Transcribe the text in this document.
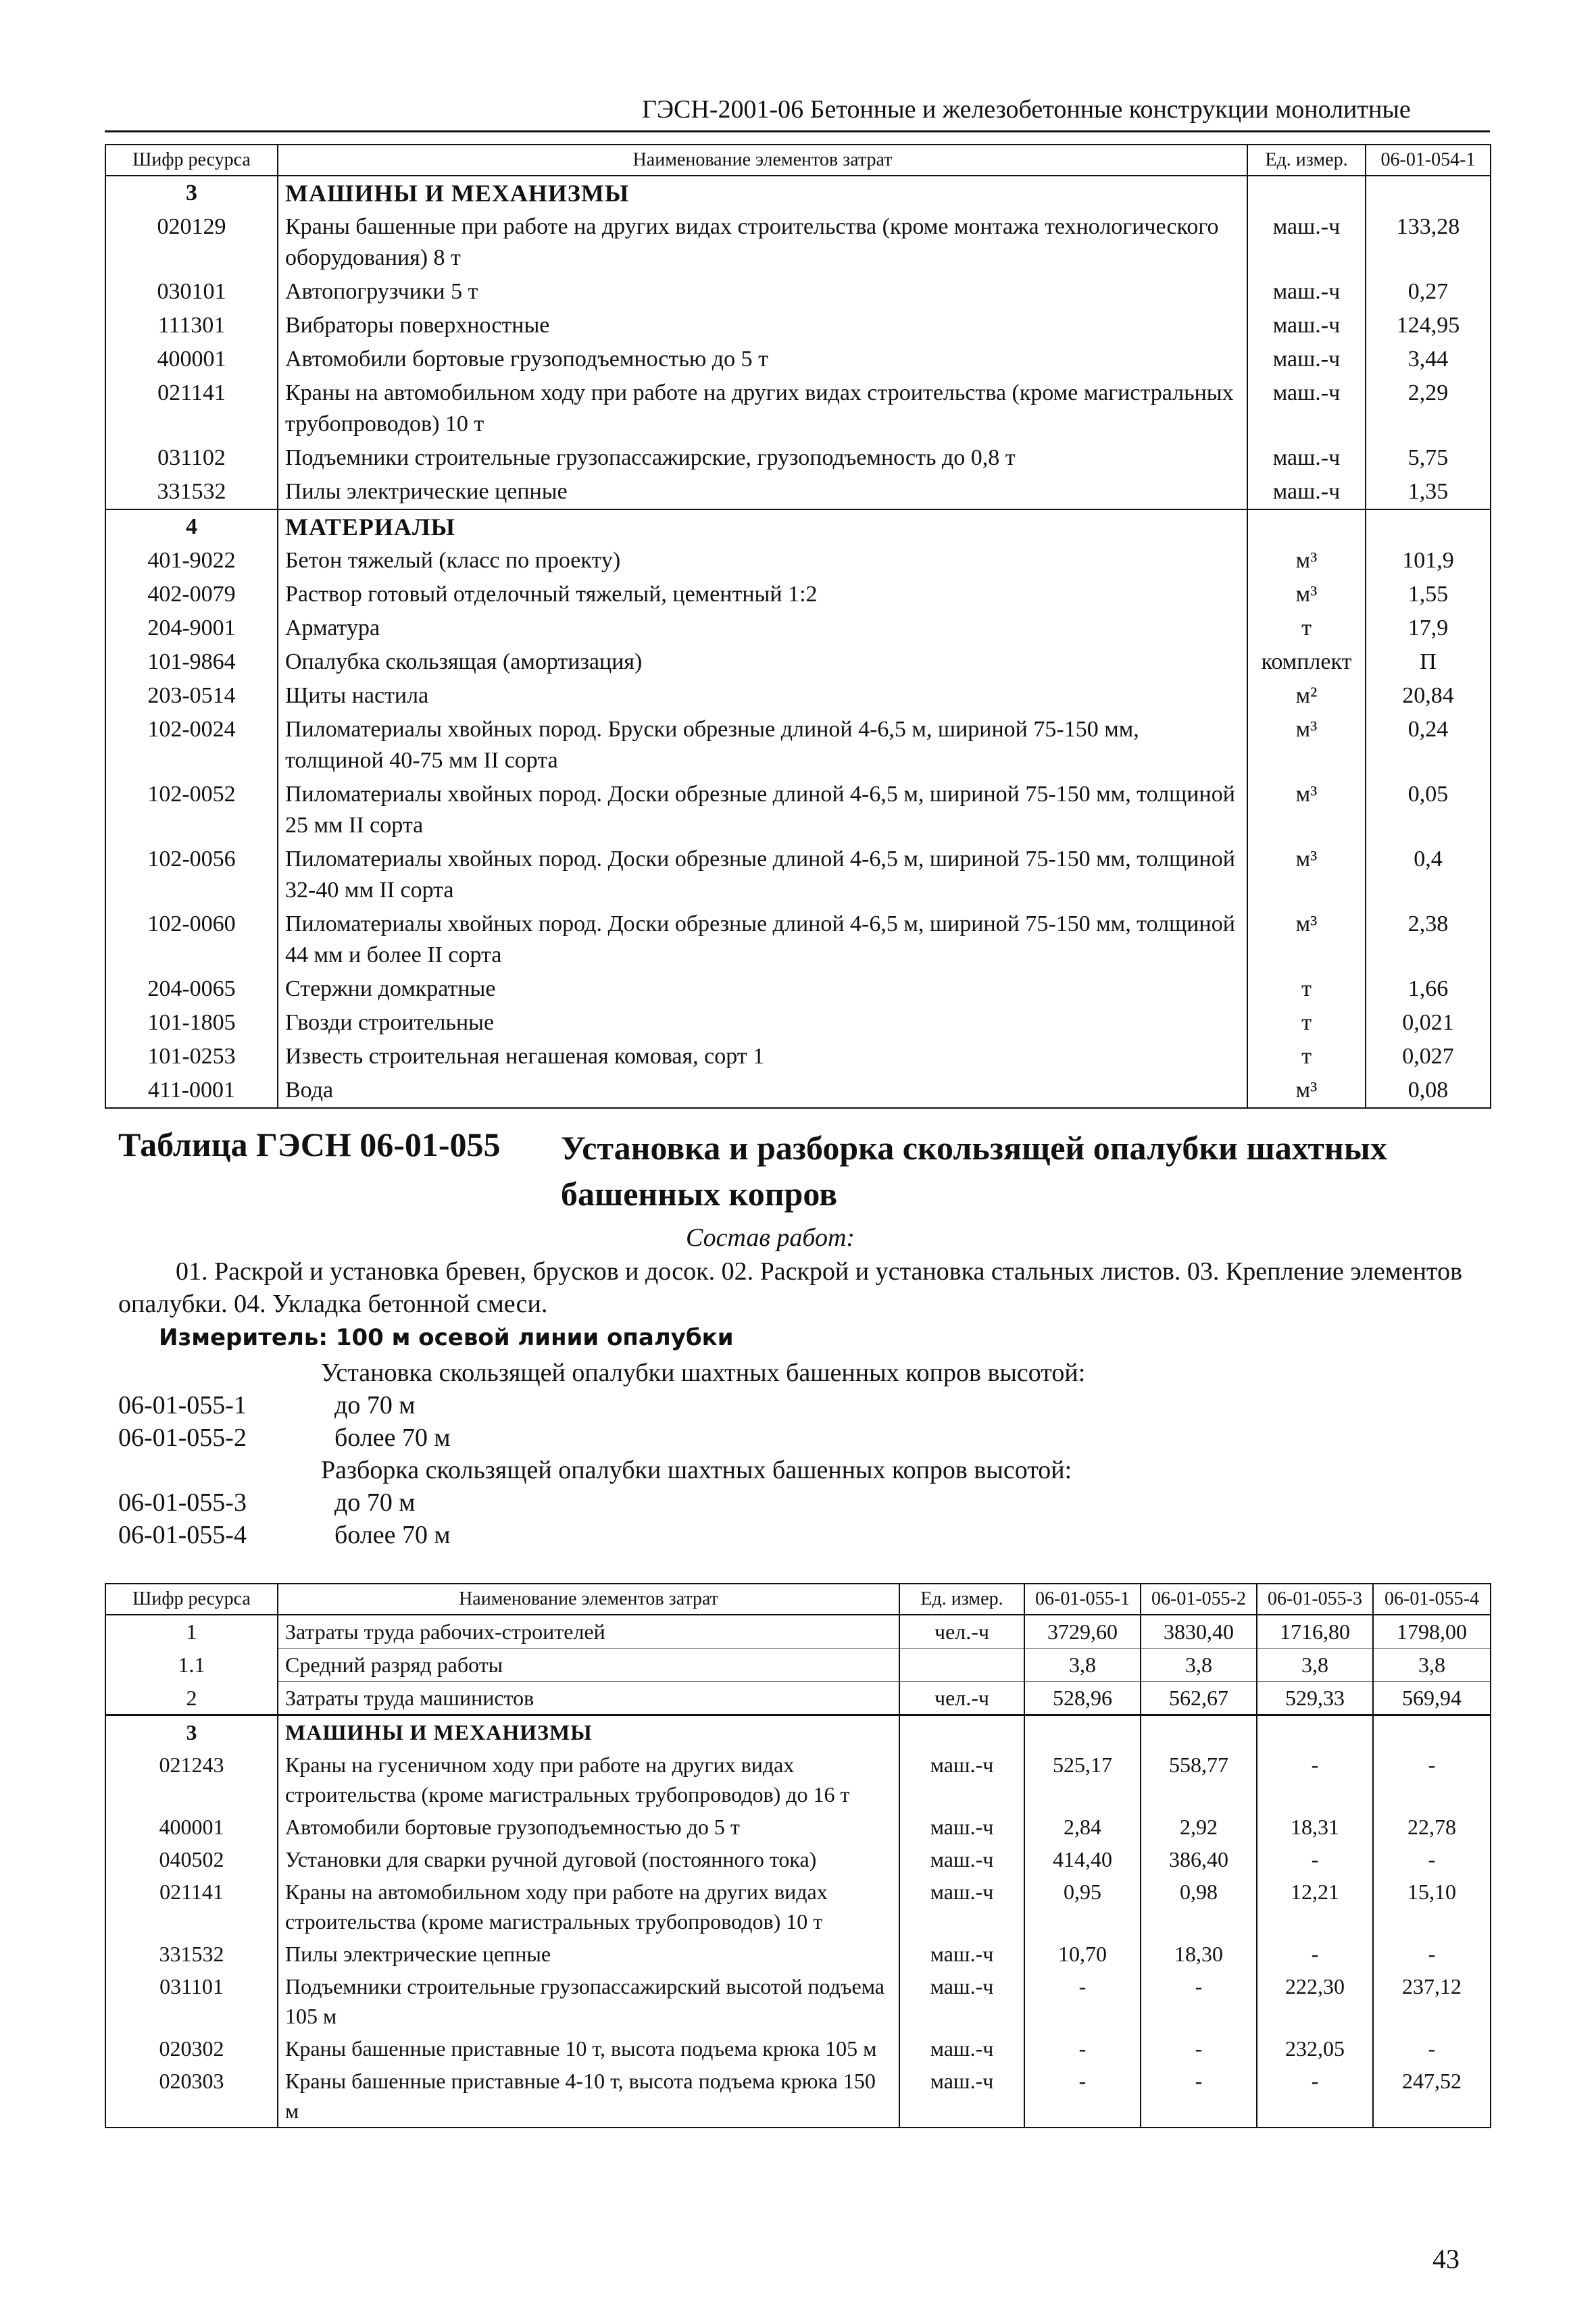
ГЭСН-2001-06 Бетонные и железобетонные конструкции монолитные
Шифр ресурса	Наименование элементов затрат	Ед. измер.	06-01-054-1
3	МАШИНЫ И МЕХАНИЗМЫ		
020129	Краны башенные при работе на других видах строительства (кроме монтажа технологического оборудования) 8 т	маш.-ч	133,28
030101	Автопогрузчики 5 т	маш.-ч	0,27
111301	Вибраторы поверхностные	маш.-ч	124,95
400001	Автомобили бортовые грузоподъемностью до 5 т	маш.-ч	3,44
021141	Краны на автомобильном ходу при работе на других видах строительства (кроме магистральных трубопроводов) 10 т	маш.-ч	2,29
031102	Подъемники строительные грузопассажирские, грузоподъемность до 0,8 т	маш.-ч	5,75
331532	Пилы электрические цепные	маш.-ч	1,35
4	МАТЕРИАЛЫ		
401-9022	Бетон тяжелый (класс по проекту)	м³	101,9
402-0079	Раствор готовый отделочный тяжелый, цементный 1:2	м³	1,55
204-9001	Арматура	т	17,9
101-9864	Опалубка скользящая (амортизация)	комплект	П
203-0514	Щиты настила	м²	20,84
102-0024	Пиломатериалы хвойных пород. Бруски обрезные длиной 4-6,5 м, шириной 75-150 мм, толщиной 40-75 мм II сорта	м³	0,24
102-0052	Пиломатериалы хвойных пород. Доски обрезные длиной 4-6,5 м, шириной 75-150 мм, толщиной 25 мм II сорта	м³	0,05
102-0056	Пиломатериалы хвойных пород. Доски обрезные длиной 4-6,5 м, шириной 75-150 мм, толщиной 32-40 мм II сорта	м³	0,4
102-0060	Пиломатериалы хвойных пород. Доски обрезные длиной 4-6,5 м, шириной 75-150 мм, толщиной 44 мм и более II сорта	м³	2,38
204-0065	Стержни домкратные	т	1,66
101-1805	Гвозди строительные	т	0,021
101-0253	Известь строительная негашеная комовая, сорт 1	т	0,027
411-0001	Вода	м³	0,08
Таблица ГЭСН 06-01-055 Установка и разборка скользящей опалубки шахтных башенных копров
Состав работ:
01. Раскрой и установка бревен, брусков и досок. 02. Раскрой и установка стальных листов. 03. Крепление элементов опалубки. 04. Укладка бетонной смеси.
Измеритель: 100 м осевой линии опалубки
Установка скользящей опалубки шахтных башенных копров высотой:
06-01-055-1	до 70 м
06-01-055-2	более 70 м
Разборка скользящей опалубки шахтных башенных копров высотой:
06-01-055-3	до 70 м
06-01-055-4	более 70 м
Шифр ресурса	Наименование элементов затрат	Ед. измер.	06-01-055-1	06-01-055-2	06-01-055-3	06-01-055-4
1	Затраты труда рабочих-строителей	чел.-ч	3729,60	3830,40	1716,80	1798,00
1.1	Средний разряд работы		3,8	3,8	3,8	3,8
2	Затраты труда машинистов	чел.-ч	528,96	562,67	529,33	569,94
3	МАШИНЫ И МЕХАНИЗМЫ					
021243	Краны на гусеничном ходу при работе на других видах строительства (кроме магистральных трубопроводов) до 16 т	маш.-ч	525,17	558,77	-	-
400001	Автомобили бортовые грузоподъемностью до 5 т	маш.-ч	2,84	2,92	18,31	22,78
040502	Установки для сварки ручной дуговой (постоянного тока)	маш.-ч	414,40	386,40	-	-
021141	Краны на автомобильном ходу при работе на других видах строительства (кроме магистральных трубопроводов) 10 т	маш.-ч	0,95	0,98	12,21	15,10
331532	Пилы электрические цепные	маш.-ч	10,70	18,30	-	-
031101	Подъемники строительные грузопассажирский высотой подъема 105 м	маш.-ч	-	-	222,30	237,12
020302	Краны башенные приставные 10 т, высота подъема крюка 105 м	маш.-ч	-	-	232,05	-
020303	Краны башенные приставные 4-10 т, высота подъема крюка 150 м	маш.-ч	-	-	-	247,52
43
